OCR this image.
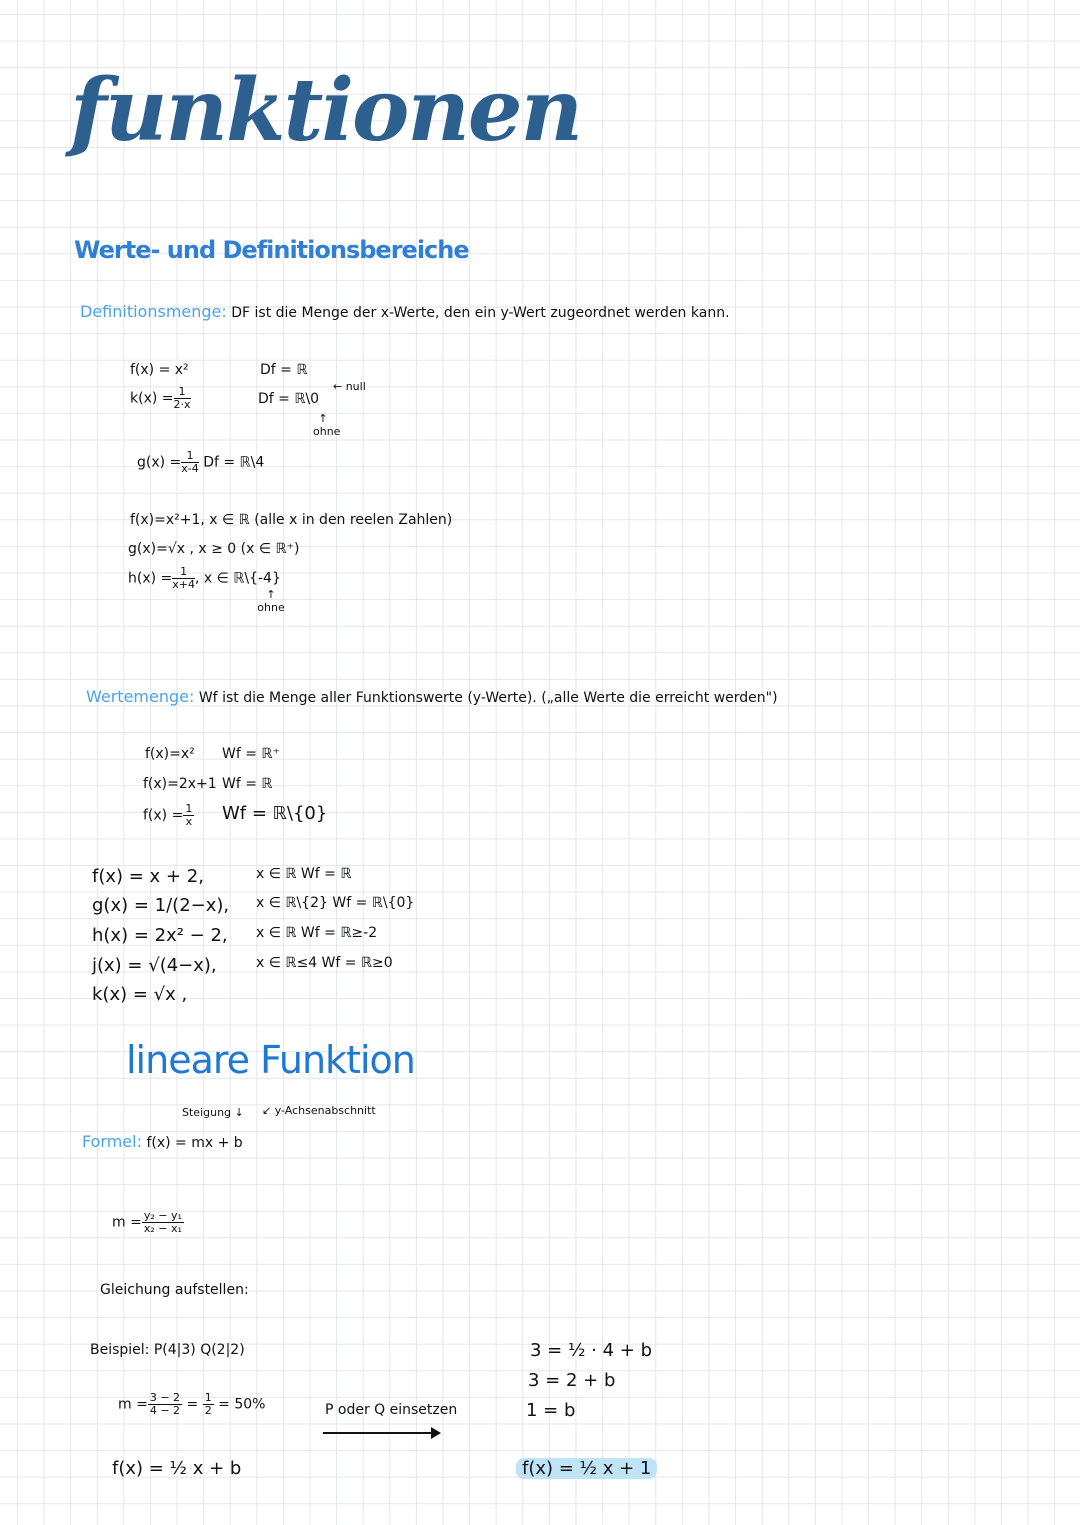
funktionen
Werte- und Definitionsbereiche
Definitionsmenge: DF ist die Menge der x-Werte, den ein y-Wert zugeordnet werden kann.
f(x) = x²	Df = ℝ
$k(x) = \frac{1}{2\cdot x}$	Df = ℝ\0
← null
↑ ohne
$g(x) = \frac{1}{x-4}$ Df = ℝ\4
f(x)=x²+1, x ∈ ℝ (alle x in den reelen Zahlen)
g(x)=√x , x ≥ 0 (x ∈ ℝ⁺)
$h(x) = \frac{1}{x+4}$ , x ∈ ℝ\{-4}
↑ ohne
Wertemenge: Wf ist die Menge aller Funktionswerte (y-Werte). („alle Werte die erreicht werden")
f(x)=x² Wf = ℝ⁺
f(x)=2x+1 Wf = ℝ
$f(x) = \frac{1}{x}$ Wf = ℝ\{0}
f(x) = x + 2,	x ∈ ℝ Wf = ℝ
g(x) = 1/(2−x), x ∈ ℝ\{2} Wf = ℝ\{0}
h(x) = 2x² − 2, x ∈ ℝ Wf = ℝ≥-2
j(x) = √(4−x),	x ∈ ℝ≤4 Wf = ℝ≥0
k(x) = √x ,
lineare Funktion
Steigung ↓ ↙ y-Achsenabschnitt
Formel: f(x) = mx + b
$m = \frac{\text{y₂ − y₁}}{\text{x₂ − x₁}}$
Gleichung aufstellen:
Beispiel: P(4|3) Q(2|2)
$m = \frac{3 - 2}{4 - 2} = \frac{1}{2} = 50\%$	P oder Q einsetzen
f(x) = ½ x + b
3 = ½ · 4 + b
3 = 2 + b
1 = b
f(x) = ½ x + 1
